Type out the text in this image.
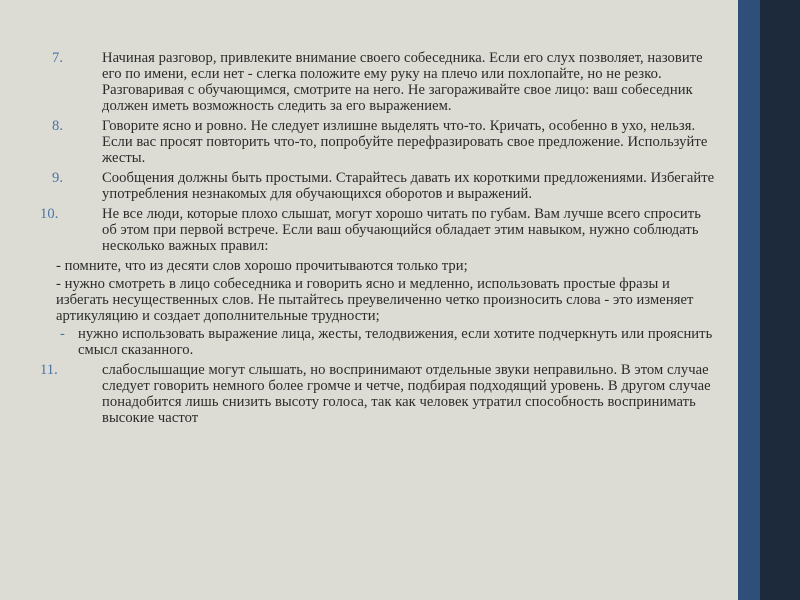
7.	Начиная разговор, привлеките внимание своего собеседника. Если его слух позволяет, назовите его по имени, если нет - слегка положите ему руку на плечо или похлопайте, но не резко. Разговаривая с обучающимся, смотрите на него. Не загораживайте свое лицо: ваш собеседник должен иметь возможность следить за его выражением.
8.	Говорите ясно и ровно. Не следует излишне выделять что-то. Кричать, особенно в ухо, нельзя. Если вас просят повторить что-то, попробуйте перефразировать свое предложение. Используйте жесты.
9.	Сообщения должны быть простыми. Старайтесь давать их короткими предложениями. Избегайте употребления незнакомых для обучающихся оборотов и выражений.
10.	Не все люди, которые плохо слышат, могут хорошо читать по губам. Вам лучше всего спросить об этом при первой встрече. Если ваш обучающийся обладает этим навыком, нужно соблюдать несколько важных правил:
- помните, что из десяти слов хорошо прочитываются только три;
- нужно смотреть в лицо собеседника и говорить ясно и медленно, использовать простые фразы и избегать несущественных слов. Не пытайтесь преувеличенно четко произносить слова - это изменяет артикуляцию и создает дополнительные трудности;
- нужно использовать выражение лица, жесты, телодвижения, если хотите подчеркнуть или прояснить смысл сказанного.
11.	слабослышащие могут слышать, но воспринимают отдельные звуки неправильно. В этом случае следует говорить немного более громче и четче, подбирая подходящий уровень. В другом случае понадобится лишь снизить высоту голоса, так как человек утратил способность воспринимать высокие частот
